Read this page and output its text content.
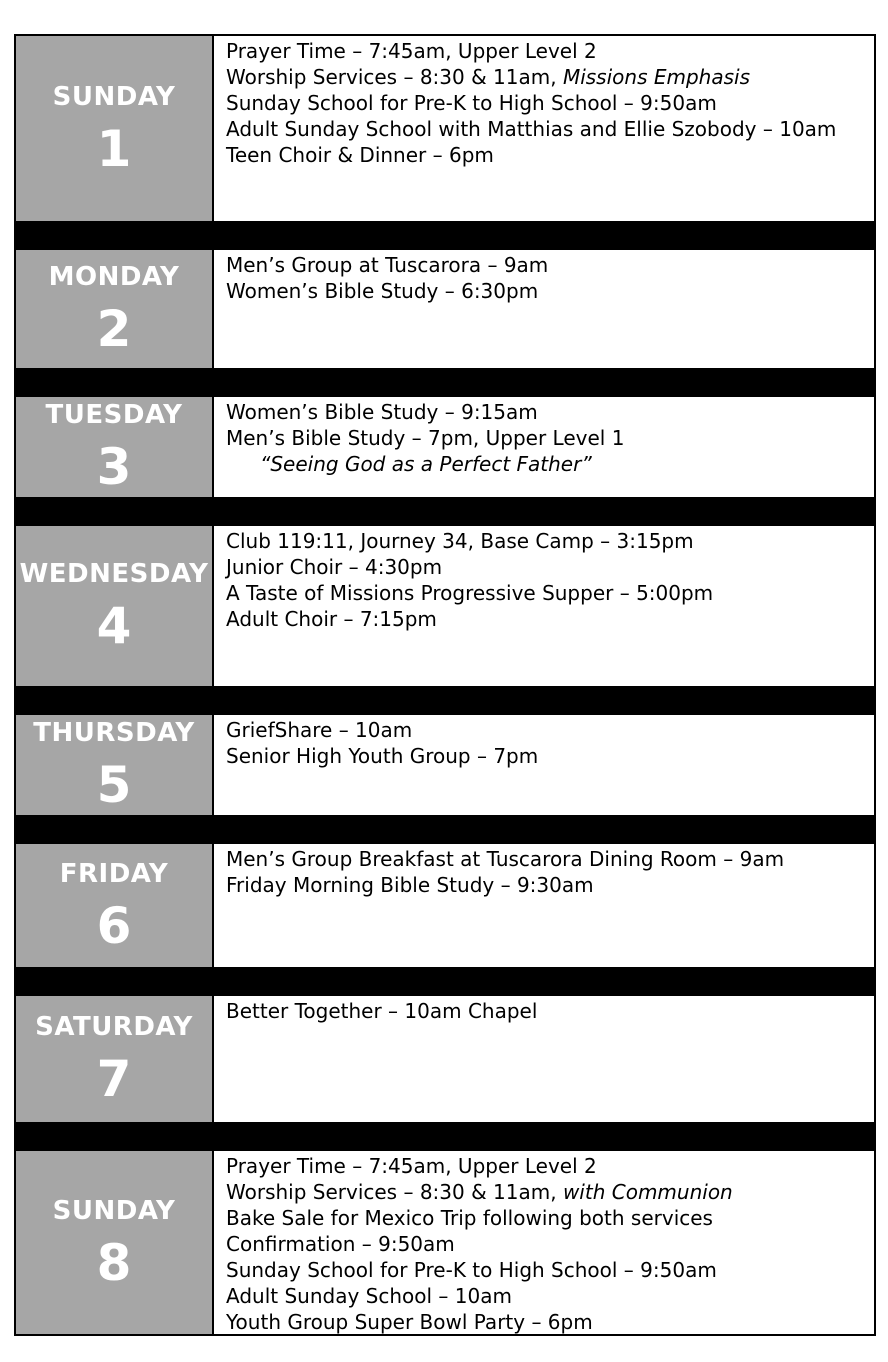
SUNDAY
1
Prayer Time – 7:45am, Upper Level 2
Worship Services – 8:30 & 11am, Missions Emphasis
Sunday School for Pre-K to High School – 9:50am
Adult Sunday School with Matthias and Ellie Szobody – 10am
Teen Choir & Dinner – 6pm
MONDAY
2
Men’s Group at Tuscarora – 9am
Women’s Bible Study – 6:30pm
TUESDAY
3
Women’s Bible Study – 9:15am
Men’s Bible Study – 7pm, Upper Level 1
“Seeing God as a Perfect Father”
WEDNESDAY
4
Club 119:11, Journey 34, Base Camp – 3:15pm
Junior Choir – 4:30pm
A Taste of Missions Progressive Supper – 5:00pm
Adult Choir – 7:15pm
THURSDAY
5
GriefShare – 10am
Senior High Youth Group – 7pm
FRIDAY
6
Men’s Group Breakfast at Tuscarora Dining Room – 9am
Friday Morning Bible Study – 9:30am
SATURDAY
7
Better Together – 10am Chapel
SUNDAY
8
Prayer Time – 7:45am, Upper Level 2
Worship Services – 8:30 & 11am, with Communion
Bake Sale for Mexico Trip following both services
Confirmation – 9:50am
Sunday School for Pre-K to High School – 9:50am
Adult Sunday School – 10am
Youth Group Super Bowl Party – 6pm
